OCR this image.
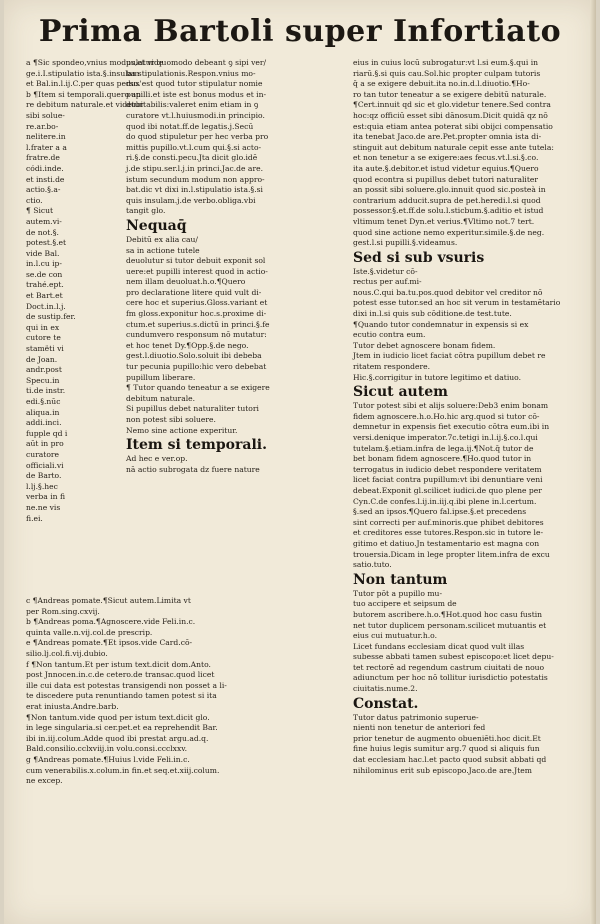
Prima Bartoli super Infortiato

a ¶Sic spondeo,vnius modus,et vide

ge.i.I.stipulatio ista.§.insulam

et Bal.in.l.ij.C.per quas perso.

b ¶Item si temporali.quero an

re debitum naturale.et videtur

sibi solue-

re.ar.bo-

nelitere.in

l.frater a a

fratre.de

códi.inde.

et insti.de

actio.§.a-

ctio.

¶ Sicut

autem.vi-

de not.§.

potest.§.et

vide Bal.

in.l.cu ip-

se.de con

trahé.ept.

et Bart.et

Doct.in.l.j.

de sustip.fer.

qui in ex

cutore te

stamëti vi

de Joan.

andr.post

Specu.in

ti.de instr.

edi.§.nūc

aliqua.in

addi.inci.

fupple qd i

aūt in pro

curatore

officiali.vi

de Barto.

l.lj.§.hec

verba in fi

ne.ne vis

fi.ei.

pulatur quomodo debeant ꝯ sipi ver/

ba stipulationis.Respon.vnius mo-

dus'est quod tutor stipulatur nomie

pupilli.et iste est bonus modus et in-

dubitabilis:valeret enim etiam in ꝯ

curatore vt.l.huiusmodi.in principio.

quod ibi notat.ff.de legatis.j.Secū

do quod stipuletur per hec verba pro

mittis pupillo.vt.l.cum qui.§.si acto-

ri.§.de consti.pecu.Jta dicit glo.idē

j.de stipu.ser.l.j.in princi.Jac.de are.

istum secundum modum non appro-

bat.dic vt dixi in.l.stipulatio ista.§.si

quis insulam.j.de verbo.obliga.vbi

tangit glo.

Nequaq̄

Debitū ex alia cau/

sa in actione tutele

deuolutur si tutor debuit exponit sol

uere:et pupilli interest quod in actio-

nem illam deuoluat.h.o.¶Quero

pro declaratione litere quid vult di-

cere hoc et superius.Gloss.variant et

fm gloss.exponitur hoc.s.proxime di-

ctum.et superius.s.dictū in princi.§.fe

cundumvero responsum nō mutatur:

et hoc tenet Dy.¶Opp.§.de nego.

gest.l.diuotio.Solo.soluit ibi debeba

tur pecunia pupillo:hic vero debebat

pupillum liberare.

¶ Tutor quando teneatur a se exigere

debitum naturale.

Si pupillus debet naturaliter tutori

non potest sibi soluere.

Nemo sine actione experitur.

Item si temporali.

Ad hec e ver.op.

nā actio subrogata dz fuere nature

c ¶Andreas pomate.¶Sicut autem.Limita vt

per Rom.sing.cxvij.

b ¶Andreas poma.¶Agnoscere.vide Feli.in.c.

quinta valle.n.vij.col.de prescrip.

e ¶Andreas pomate.¶Et ipsos.vide Card.cō-

silio.lj.col.fi.vij.dubio.

f ¶Non tantum.Et per istum text.dicit dom.Anto.

post Jnnocen.in.c.de cetero.de transac.quod licet

ille cui data est potestas transigendi non posset a li-

te discedere puta renuntiando tamen potest si ita

erat iniusta.Andre.barb.

¶Non tantum.vide quod per istum text.dicit glo.

in lege singularia.si cer.pet.et ea reprehendit Bar.

ibi in.iij.colum.Adde quod ibi prestat argu.ad.q.

Bald.consilio.cclxviij.in volu.consi.ccclxxv.

g ¶Andreas pomate.¶Huius l.vide Feli.in.c.

cum venerabilis.x.colum.in fin.et seq.et.xiij.colum.

ne excep.

eius in cuius locū subrogatur:vt l.si eum.§.qui in

riarū.§.si quis cau.Sol.hic propter culpam tutoris

q̄ a se exigere debuit.ita no.in.d.l.diuotio.¶Ho-

ro tan tutor teneatur a se exigere debitū naturale.

¶Cert.innuit qd sic et glo.videtur tenere.Sed contra

hoc:qz officiū esset sibi dānosum.Dicit quidā qz nō

est:quia etiam antea poterat sibi obijci compensatio

ita tenebat Jaco.de are.Pet.propter omnia ista di-

stinguit aut debitum naturale cepit esse ante tutela:

et non tenetur a se exigere:aes fecus.vt.l.si.§.co.

ita aute.§.debitor.et istud videtur equius.¶Quero

quod econtra si pupillus debet tutori naturaliter

an possit sibi soluere.glo.innuit quod sic.posteà in

contrarium adducit.supra de pet.heredi.l.si quod

possessor.§.et.ff.de solu.l.sticbum.§.aditio et istud

vltimum tenet Dyn.et verius.¶Vltimo not.7 tert.

quod sine actione nemo experitur.simile.§.de neg.

gest.l.si pupilli.§.videamus.

Sed si sub vsuris

Iste.§.videtur cō-

rectus per auf.mi-

nous.C.qui ba.tu.pos.quod debitor vel creditor nō

potest esse tutor.sed an hoc sit verum in testamētario

dixi in.l.si quis sub cōditione.de test.tute.

¶Quando tutor condemnatur in expensis si ex

ecutio contra eum.

Tutor debet agnoscere bonam fidem.

Jtem in iudicio licet faciat cōtra pupillum debet re

ritatem respondere.

Hic.§.corrigitur in tutore legitimo et datiuo.

Sicut autem

Tutor potest sibi et alijs soluere:Deb3 enim bonam

fidem agnoscere.h.o.Ho.hic arg.quod si tutor cō-

demnetur in expensis fiet executio cōtra eum.ibi in

versi.denique imperator.7c.tetigi in.l.ij.§.co.l.qui

tutelam.§.etiam.infra de lega.ij.¶Not.q̄ tutor de

bet bonam fidem agnoscere.¶Ho.quod tutor in

terrogatus in iudicio debet respondere veritatem

licet faciat contra pupillum:vt ibi denuntiare veni

debeat.Exponit gl.scilicet iudici.de quo plene per

Cyn.C.de confes.l.ij.in.iij.q.ibi plene in.l.certum.

§.sed an ipsos.¶Quero fal.ipse.§.et precedens

sint correcti per auf.minoris.que phibet debitores

et creditores esse tutores.Respon.sic in tutore le-

gitimo et datiuo.Jn testamentario est magna con

trouersia.Dicam in lege propter litem.infra de excu

satio.tuto.

Non tantum

Tutor pōt a pupillo mu-

tuo accipere et seipsum de

butorem ascribere.h.o.¶Hot.quod hoc casu fustin

net tutor duplicem personam.scilicet mutuantis et

eius cui mutuatur.h.o.

Licet fundans ecclesiam dicat quod vult illas

subesse abbati tamen subest episcopo:et licet depu-

tet rectorē ad regendum castrum ciuitati de nouo

adiunctum per hoc nō tollitur iurisdictio potestatis

ciuitatis.nume.2.

Constat.

Tutor datus patrimonio superue-

nienti non tenetur de anteriori fed

prior tenetur de augmento obueniēti.hoc dicit.Et

fine huius legis sumitur arg.7 quod si aliquis fun

dat ecclesiam hac.l.et pacto quod subsit abbati qd

nihilominus erit sub episcopo.Jaco.de are.Jtem
